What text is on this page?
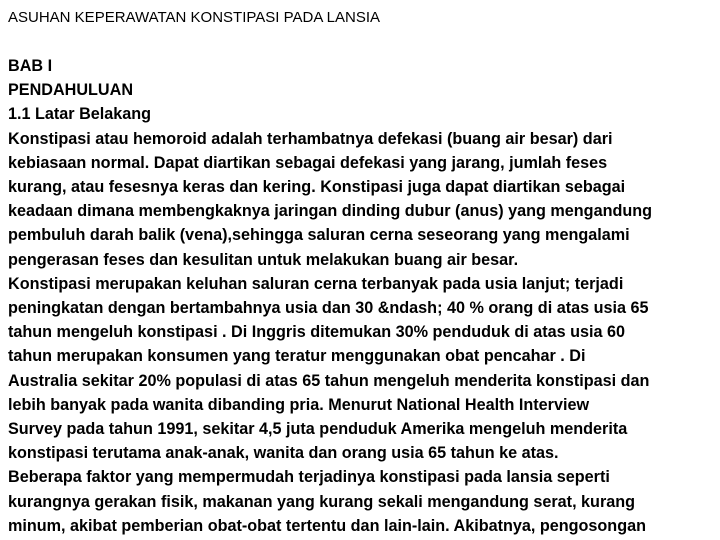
ASUHAN KEPERAWATAN KONSTIPASI PADA LANSIA
BAB I
PENDAHULUAN
1.1 Latar Belakang
Konstipasi atau hemoroid adalah terhambatnya defekasi (buang air besar) dari
kebiasaan normal. Dapat diartikan sebagai defekasi yang jarang, jumlah feses
kurang, atau fesesnya keras dan kering. Konstipasi juga dapat diartikan sebagai
keadaan dimana membengkaknya jaringan dinding dubur (anus) yang mengandung
pembuluh darah balik (vena),sehingga saluran cerna seseorang yang mengalami
pengerasan feses dan kesulitan untuk melakukan buang air besar.
Konstipasi merupakan keluhan saluran cerna terbanyak pada usia lanjut; terjadi
peningkatan dengan bertambahnya usia dan 30 &ndash; 40 % orang di atas usia 65
tahun mengeluh konstipasi . Di Inggris ditemukan 30% penduduk di atas usia 60
tahun merupakan konsumen yang teratur menggunakan obat pencahar . Di
Australia sekitar 20% populasi di atas 65 tahun mengeluh menderita konstipasi dan
lebih banyak pada wanita dibanding pria. Menurut National Health Interview
Survey pada tahun 1991, sekitar 4,5 juta penduduk Amerika mengeluh menderita
konstipasi terutama anak-anak, wanita dan orang usia 65 tahun ke atas.
Beberapa faktor yang mempermudah terjadinya konstipasi pada lansia seperti
kurangnya gerakan fisik, makanan yang kurang sekali mengandung serat, kurang
minum, akibat pemberian obat-obat tertentu dan lain-lain. Akibatnya, pengosongan
